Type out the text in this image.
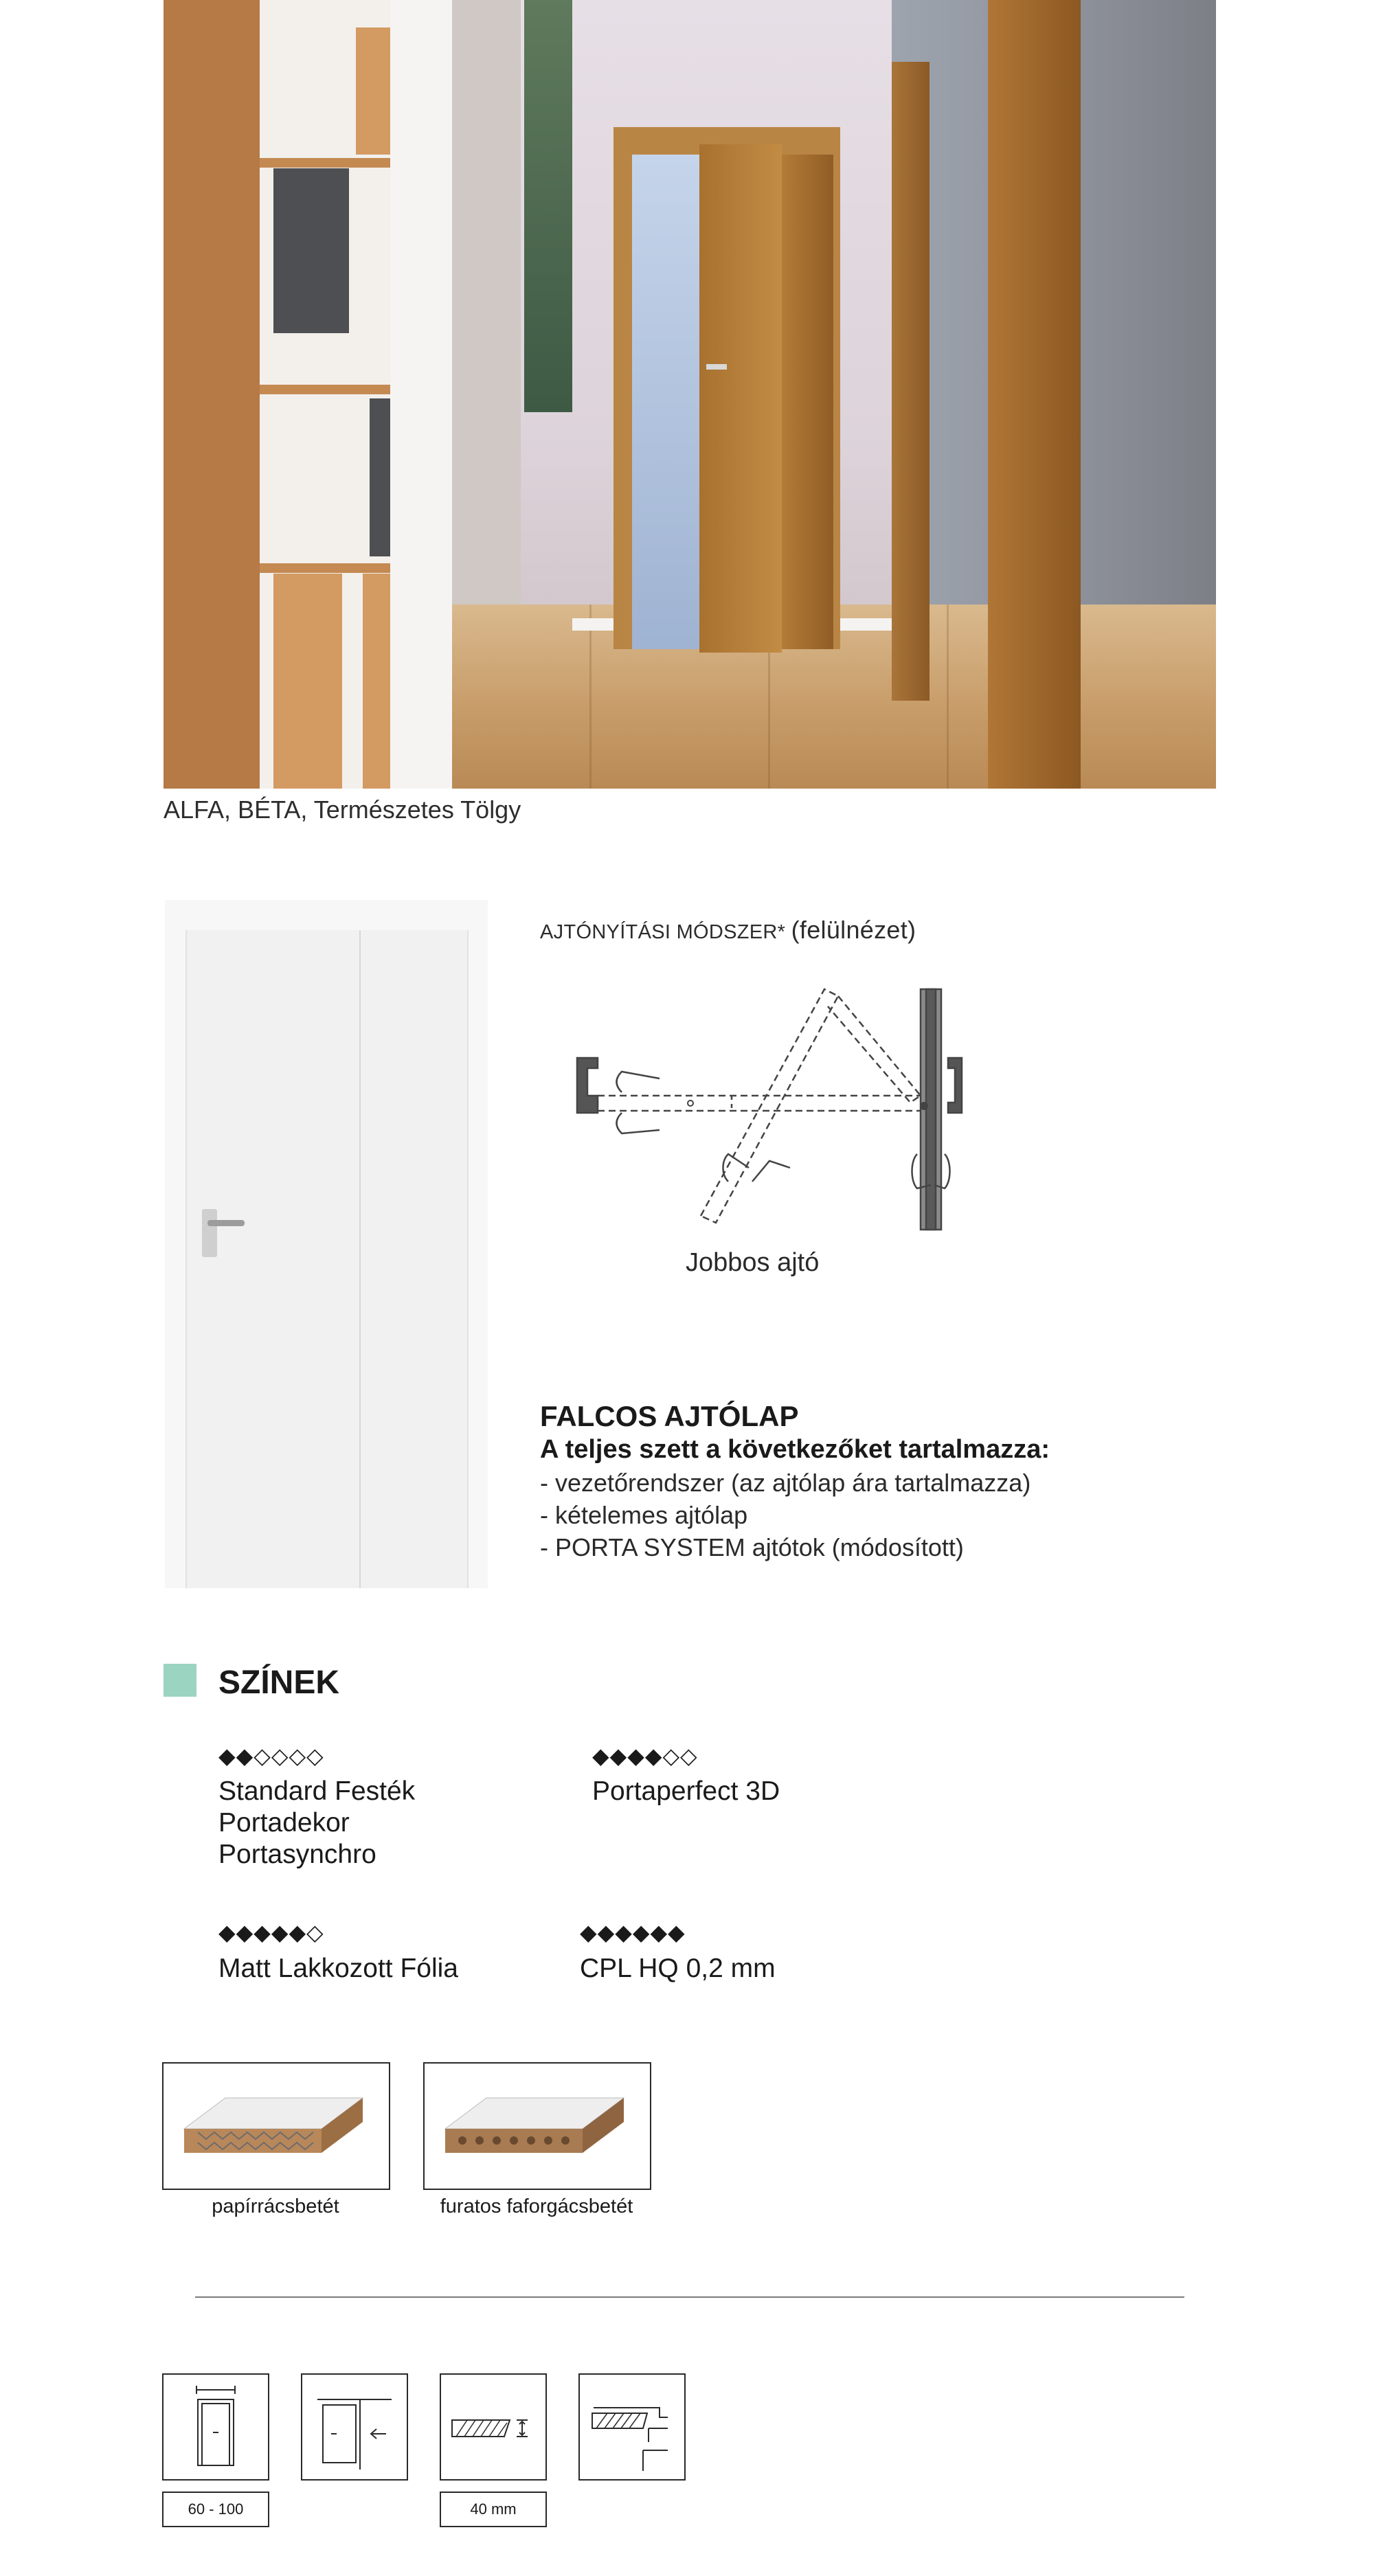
ALFA, BÉTA, Természetes Tölgy
AJTÓNYÍTÁSI MÓDSZER* (felülnézet)
Jobbos ajtó
FALCOS AJTÓLAP
A teljes szett a következőket tartalmazza:
- vezetőrendszer (az ajtólap ára tartalmazza)
- kételemes ajtólap
- PORTA SYSTEM ajtótok (módosított)
SZÍNEK
◆◆◇◇◇◇
Standard Festék
Portadekor
Portasynchro
◆◆◆◆◇◇
Portaperfect 3D
◆◆◆◆◆◇
Matt Lakkozott Fólia
◆◆◆◆◆◆
CPL HQ 0,2 mm
papírrácsbetét	furatos faforgácsbetét
60 - 100	40 mm
